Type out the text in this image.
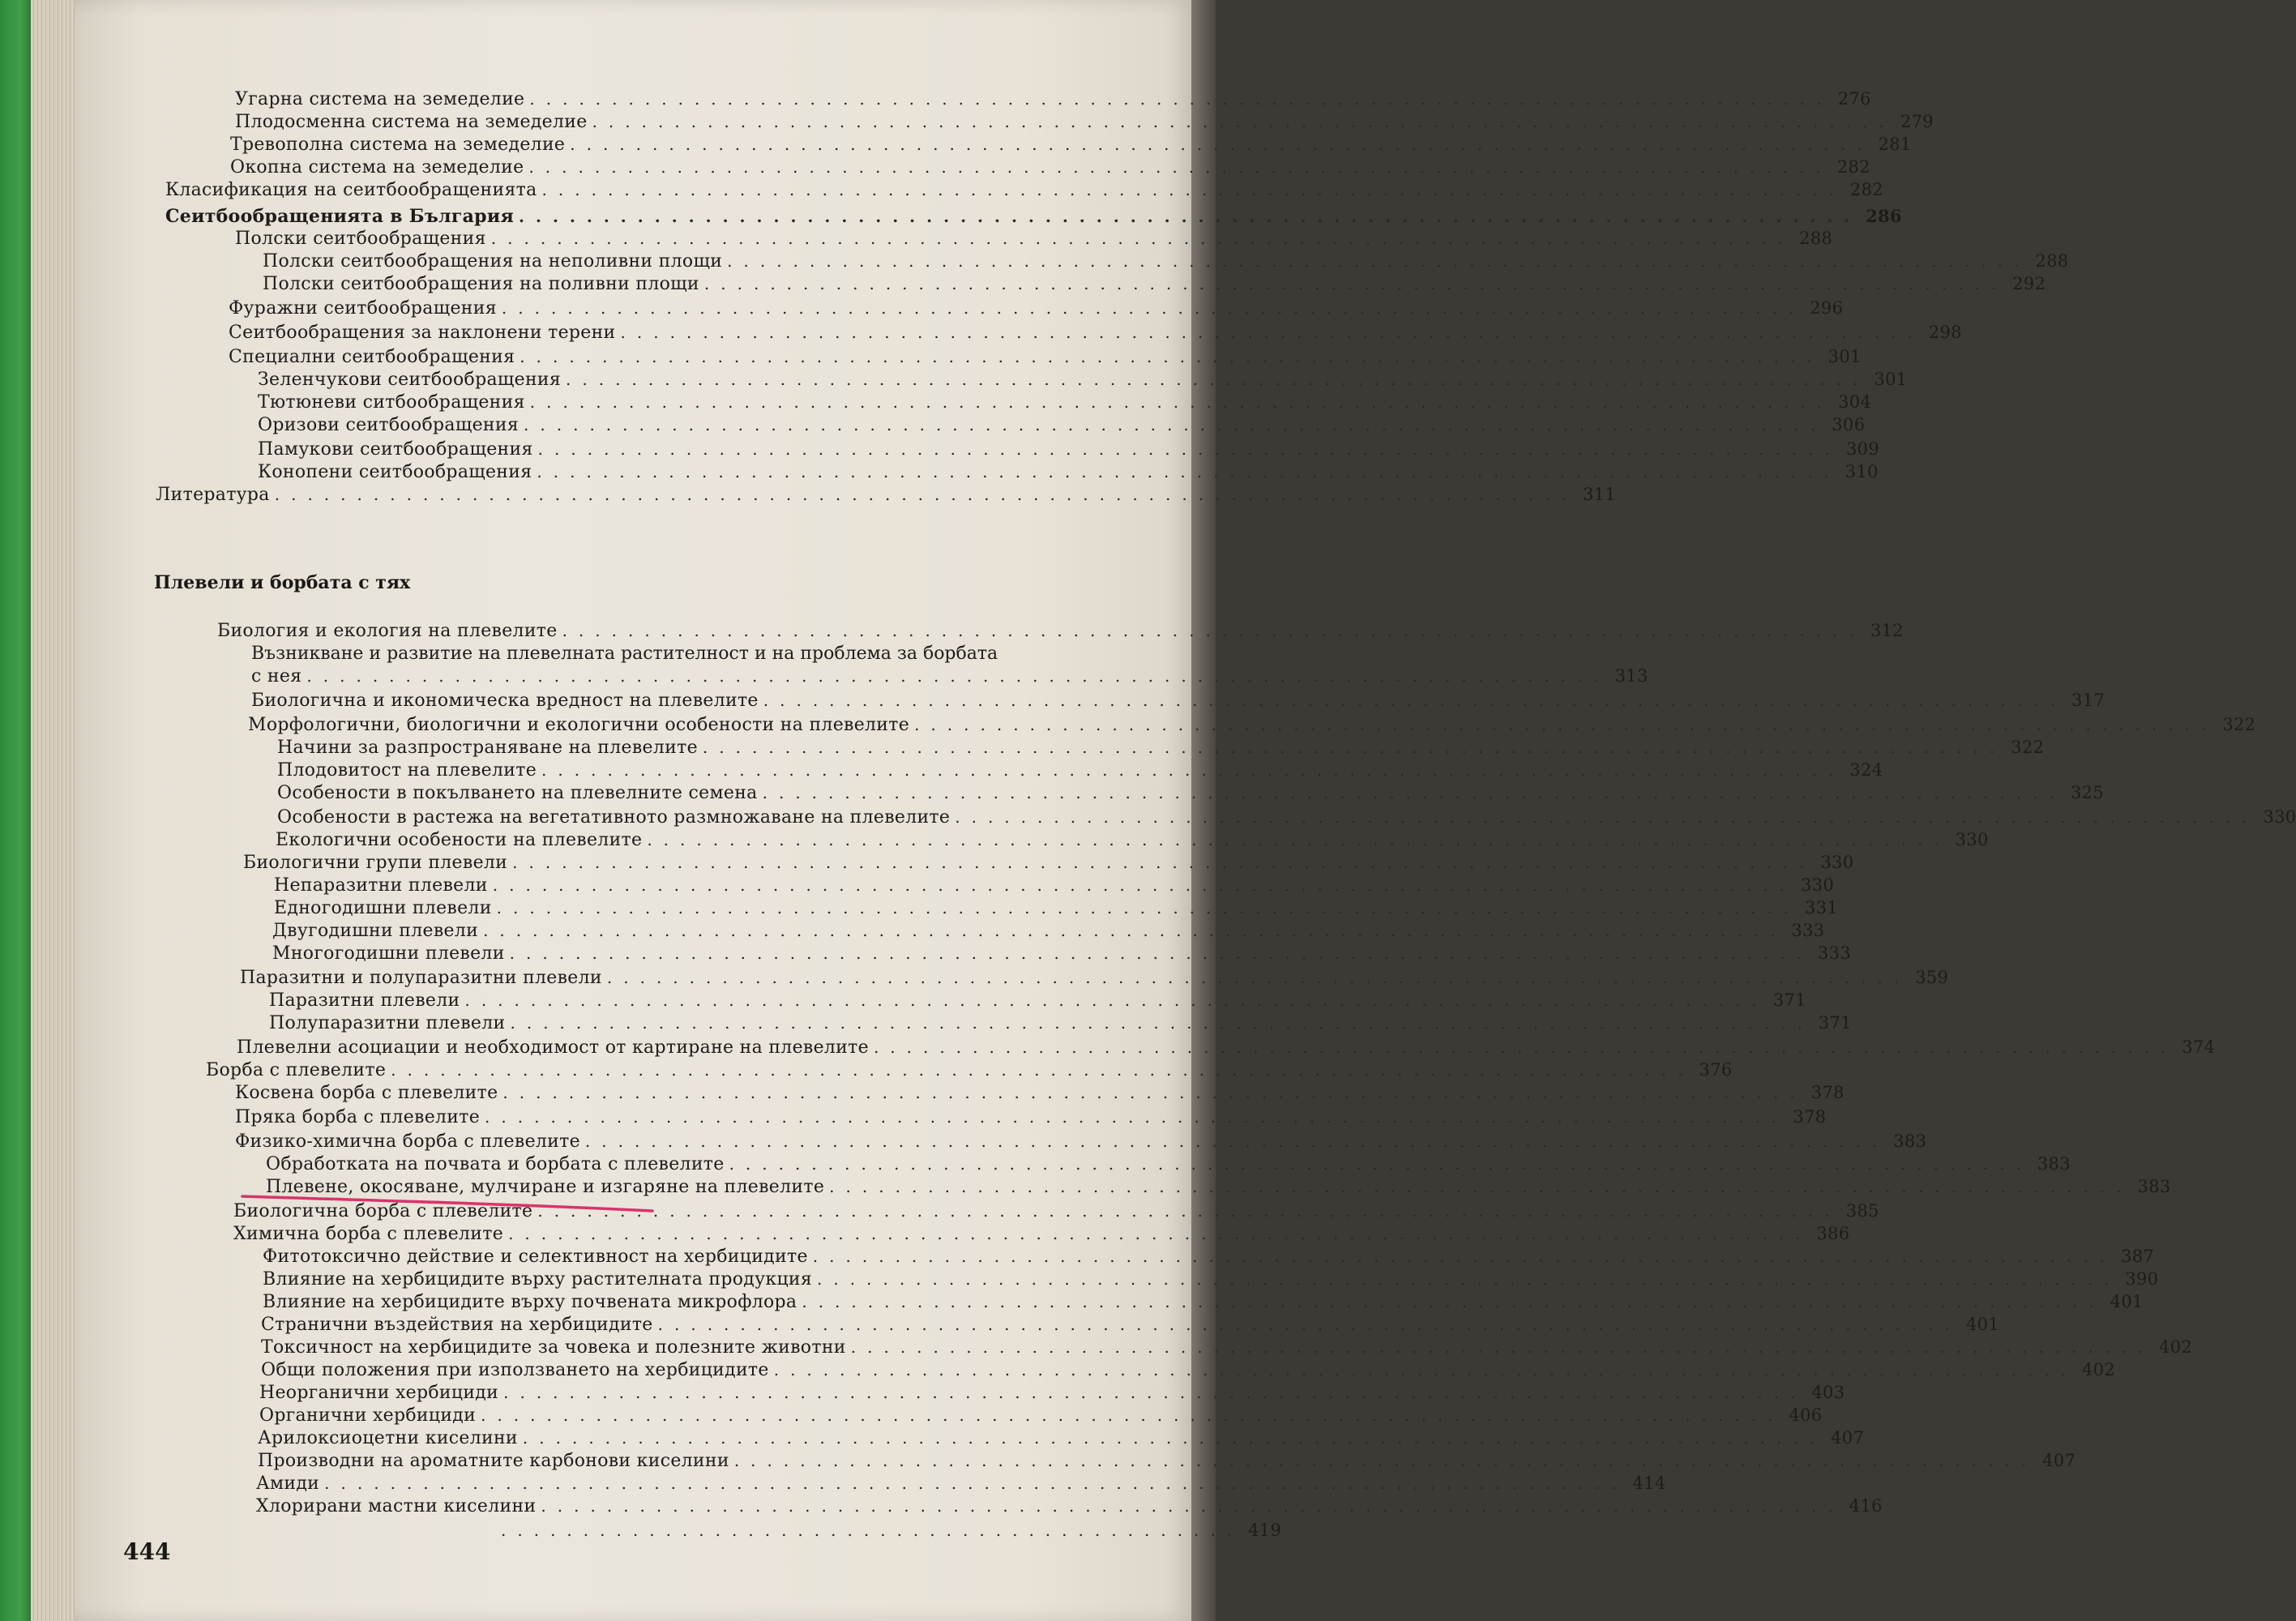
Угарна система на земеделие ............................................................................... 276
Плодосменна система на земеделие ............................................................................... 279
Тревополна система на земеделие ............................................................................... 281
Окопна система на земеделие ............................................................................... 282
Класификация на сеитбообращенията ............................................................................... 282
Сеитбообращенията в България ............................................................................... 286
Полски сеитбообращения ............................................................................... 288
Полски сеитбообращения на неполивни площи ............................................................................... 288
Полски сеитбообращения на поливни площи ............................................................................... 292
Фуражни сеитбообращения ............................................................................... 296
Сеитбообращения за наклонени терени ............................................................................... 298
Специални сеитбообращения ............................................................................... 301
Зеленчукови сеитбообращения ............................................................................... 301
Тютюневи ситбообращения ............................................................................... 304
Оризови сеитбообращения ............................................................................... 306
Памукови сеитбообращения ............................................................................... 309
Конопени сеитбообращения ............................................................................... 310
Литература ............................................................................... 311
Плевели и борбата с тях
Биология и екология на плевелите ............................................................................... 312
Възникване и развитие на плевелната растителност и на проблема за борбата
с нея ............................................................................... 313
Биологична и икономическа вредност на плевелите ............................................................................... 317
Морфологични, биологични и екологични особености на плевелите ............................................................................... 322
Начини за разпространяване на плевелите ............................................................................... 322
Плодовитост на плевелите ............................................................................... 324
Особености в покълването на плевелните семена ............................................................................... 325
Особености в растежа на вегетативното размножаване на плевелите ............................................................................... 330
Екологични особености на плевелите ............................................................................... 330
Биологични групи плевели ............................................................................... 330
Непаразитни плевели ............................................................................... 330
Едногодишни плевели ............................................................................... 331
Двугодишни плевели ............................................................................... 333
Многогодишни плевели ............................................................................... 333
Паразитни и полупаразитни плевели ............................................................................... 359
Паразитни плевели ............................................................................... 371
Полупаразитни плевели ............................................................................... 371
Плевелни асоциации и необходимост от картиране на плевелите ............................................................................... 374
Борба с плевелите ............................................................................... 376
Косвена борба с плевелите ............................................................................... 378
Пряка борба с плевелите ............................................................................... 378
Физико-химична борба с плевелите ............................................................................... 383
Обработката на почвата и борбата с плевелите ............................................................................... 383
Плевене, окосяване, мулчиране и изгаряне на плевелите ............................................................................... 383
Биологична борба с плевелите ............................................................................... 385
Химична борба с плевелите ............................................................................... 386
Фитотоксично действие и селективност на хербицидите ............................................................................... 387
Влияние на хербицидите върху растителната продукция ............................................................................... 390
Влияние на хербицидите върху почвената микрофлора ............................................................................... 401
Странични въздействия на хербицидите ............................................................................... 401
Токсичност на хербицидите за човека и полезните животни ............................................................................... 402
Общи положения при използването на хербицидите ............................................................................... 402
Неорганични хербициди ............................................................................... 403
Органични хербициди ............................................................................... 406
Арилоксиоцетни киселини ............................................................................... 407
Производни на ароматните карбонови киселини ............................................................................... 407
Амиди ............................................................................... 414
Хлорирани мастни киселини ............................................................................... 416
............................................. 419
444
